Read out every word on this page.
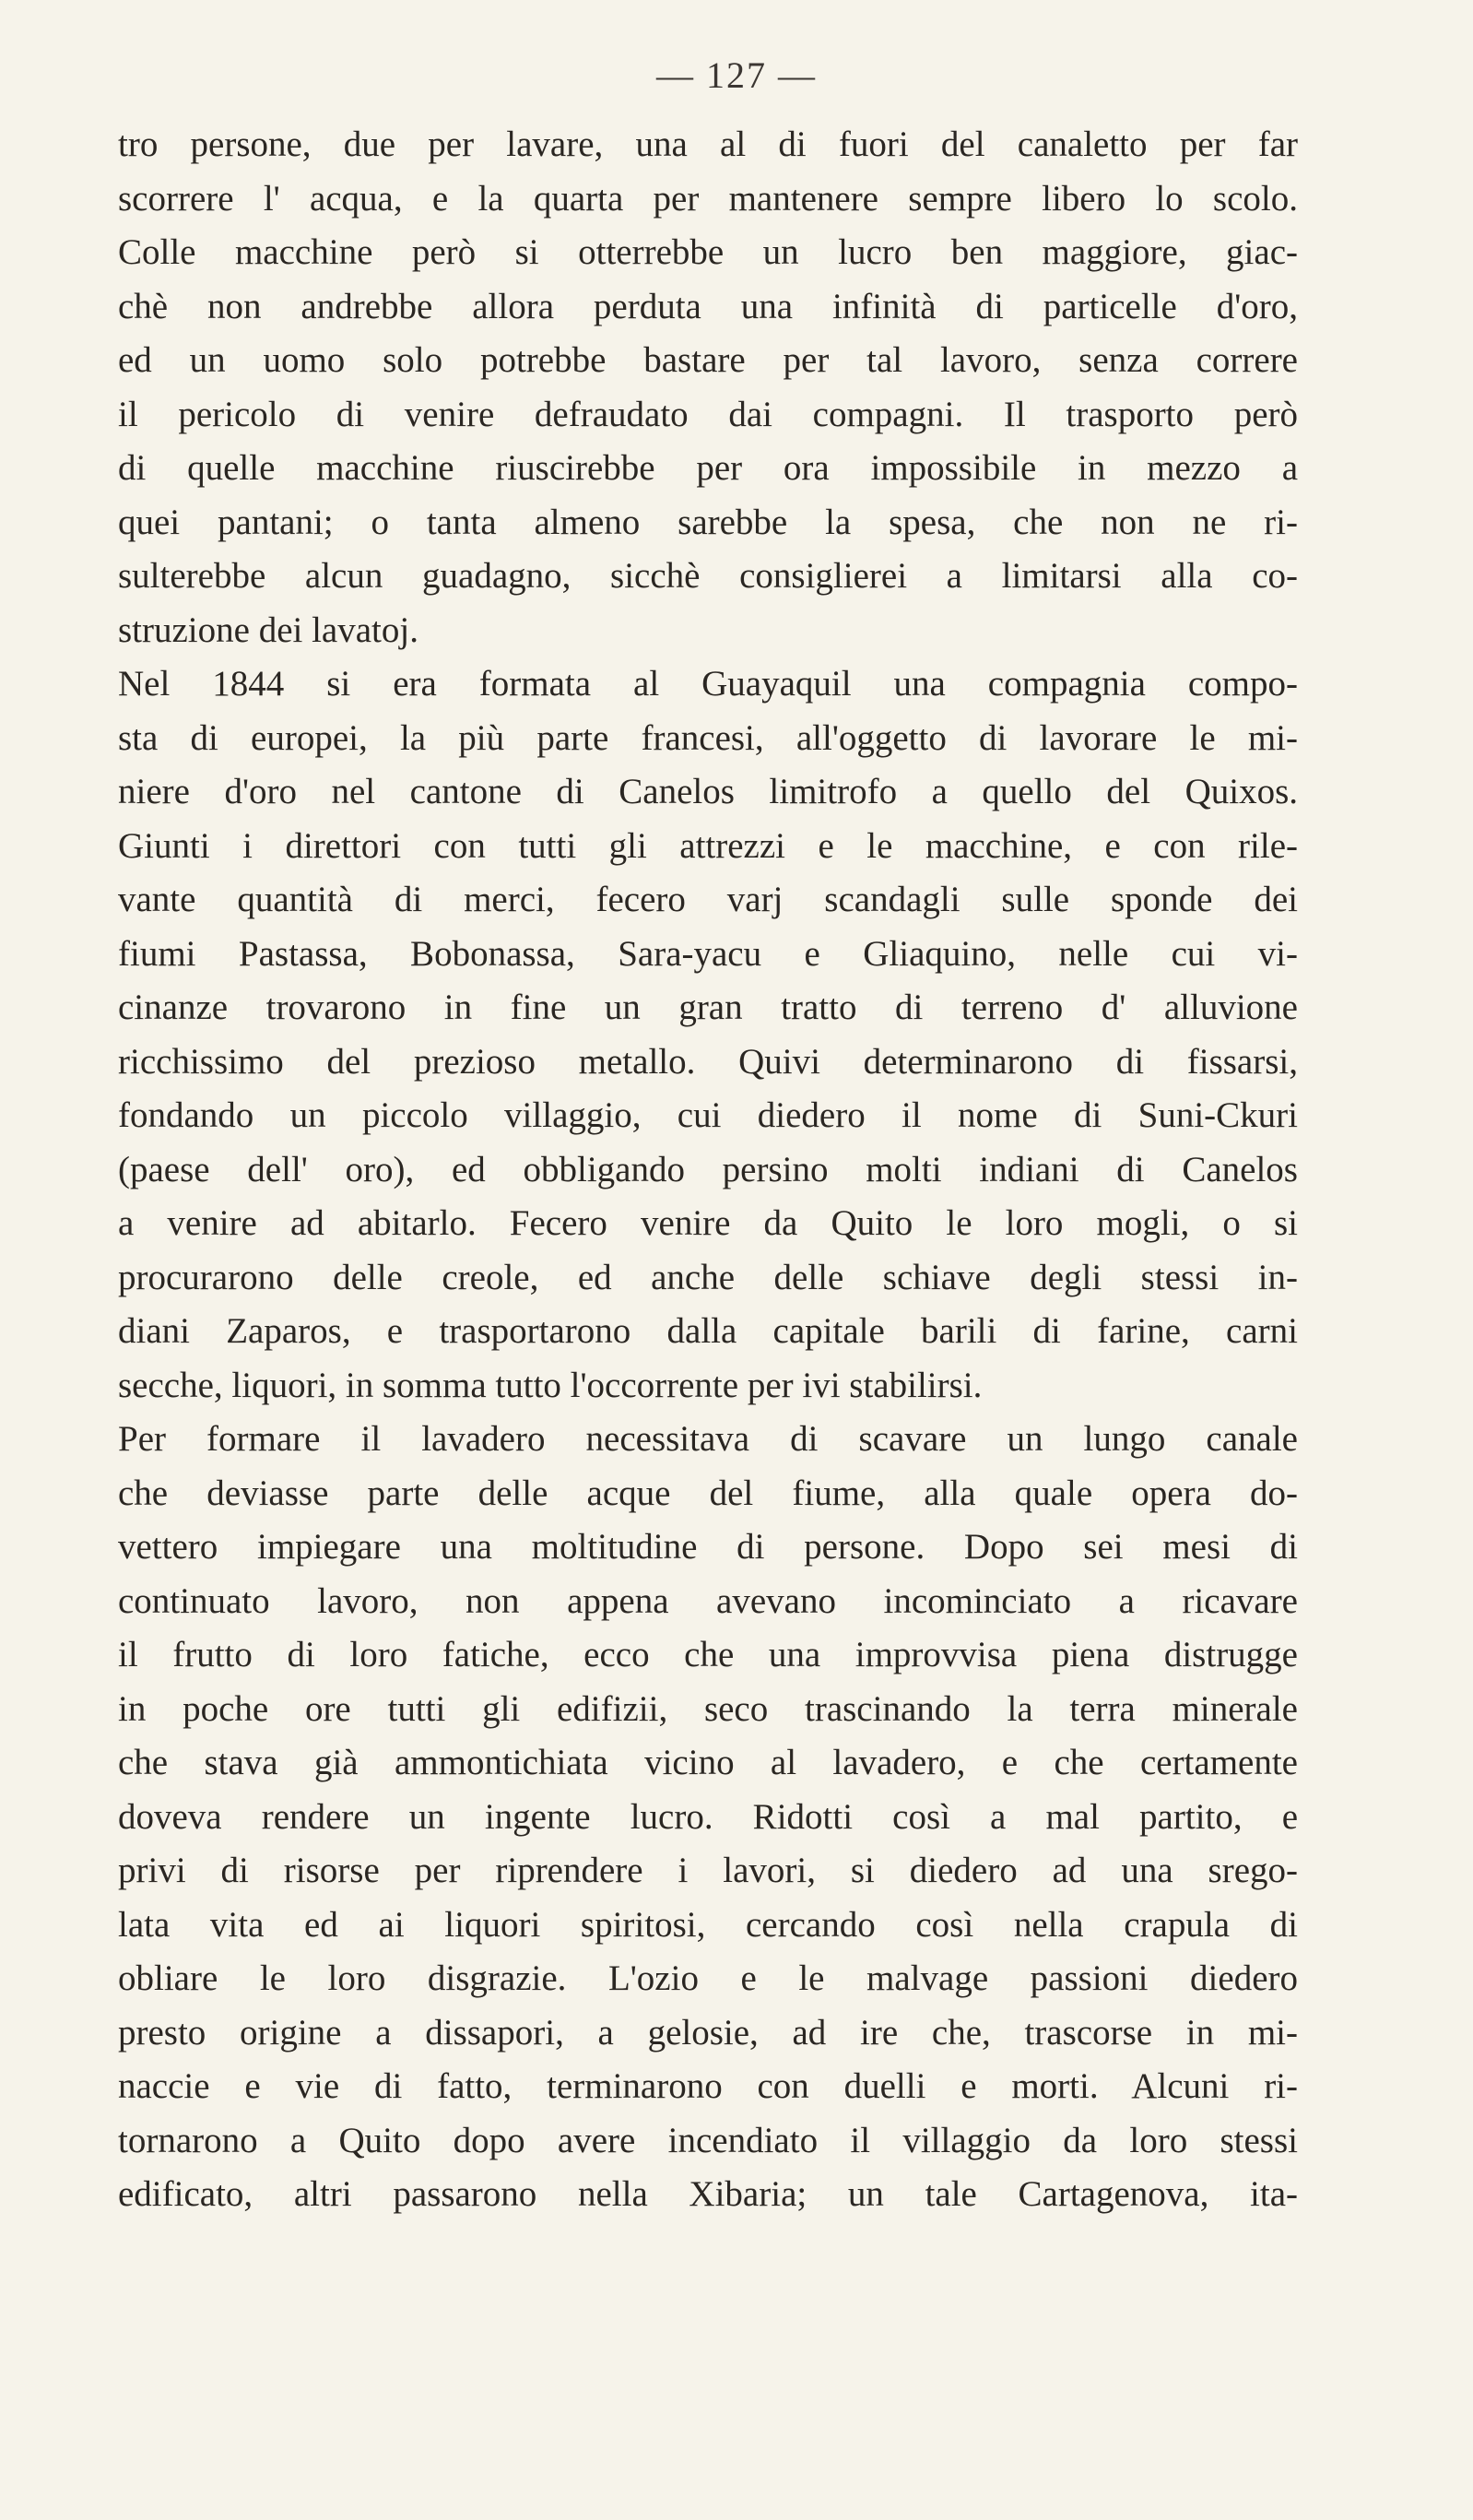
— 127 —
tro persone, due per lavare, una al di fuori del canaletto per far
scorrere l' acqua, e la quarta per mantenere sempre libero lo scolo.
Colle macchine però si otterrebbe un lucro ben maggiore, giac-
chè non andrebbe allora perduta una infinità di particelle d'oro,
ed un uomo solo potrebbe bastare per tal lavoro, senza correre
il pericolo di venire defraudato dai compagni. Il trasporto però
di quelle macchine riuscirebbe per ora impossibile in mezzo a
quei pantani; o tanta almeno sarebbe la spesa, che non ne ri-
sulterebbe alcun guadagno, sicchè consiglierei a limitarsi alla co-
struzione dei lavatoj.
Nel 1844 si era formata al Guayaquil una compagnia compo-
sta di europei, la più parte francesi, all'oggetto di lavorare le mi-
niere d'oro nel cantone di Canelos limitrofo a quello del Quixos.
Giunti i direttori con tutti gli attrezzi e le macchine, e con rile-
vante quantità di merci, fecero varj scandagli sulle sponde dei
fiumi Pastassa, Bobonassa, Sara-yacu e Gliaquino, nelle cui vi-
cinanze trovarono in fine un gran tratto di terreno d' alluvione
ricchissimo del prezioso metallo. Quivi determinarono di fissarsi,
fondando un piccolo villaggio, cui diedero il nome di Suni-Ckuri
(paese dell' oro), ed obbligando persino molti indiani di Canelos
a venire ad abitarlo. Fecero venire da Quito le loro mogli, o si
procurarono delle creole, ed anche delle schiave degli stessi in-
diani Zaparos, e trasportarono dalla capitale barili di farine, carni
secche, liquori, in somma tutto l'occorrente per ivi stabilirsi.
Per formare il lavadero necessitava di scavare un lungo canale
che deviasse parte delle acque del fiume, alla quale opera do-
vettero impiegare una moltitudine di persone. Dopo sei mesi di
continuato lavoro, non appena avevano incominciato a ricavare
il frutto di loro fatiche, ecco che una improvvisa piena distrugge
in poche ore tutti gli edifizii, seco trascinando la terra minerale
che stava già ammontichiata vicino al lavadero, e che certamente
doveva rendere un ingente lucro. Ridotti così a mal partito, e
privi di risorse per riprendere i lavori, si diedero ad una srego-
lata vita ed ai liquori spiritosi, cercando così nella crapula di
obliare le loro disgrazie. L'ozio e le malvage passioni diedero
presto origine a dissapori, a gelosie, ad ire che, trascorse in mi-
naccie e vie di fatto, terminarono con duelli e morti. Alcuni ri-
tornarono a Quito dopo avere incendiato il villaggio da loro stessi
edificato, altri passarono nella Xibaria; un tale Cartagenova, ita-
